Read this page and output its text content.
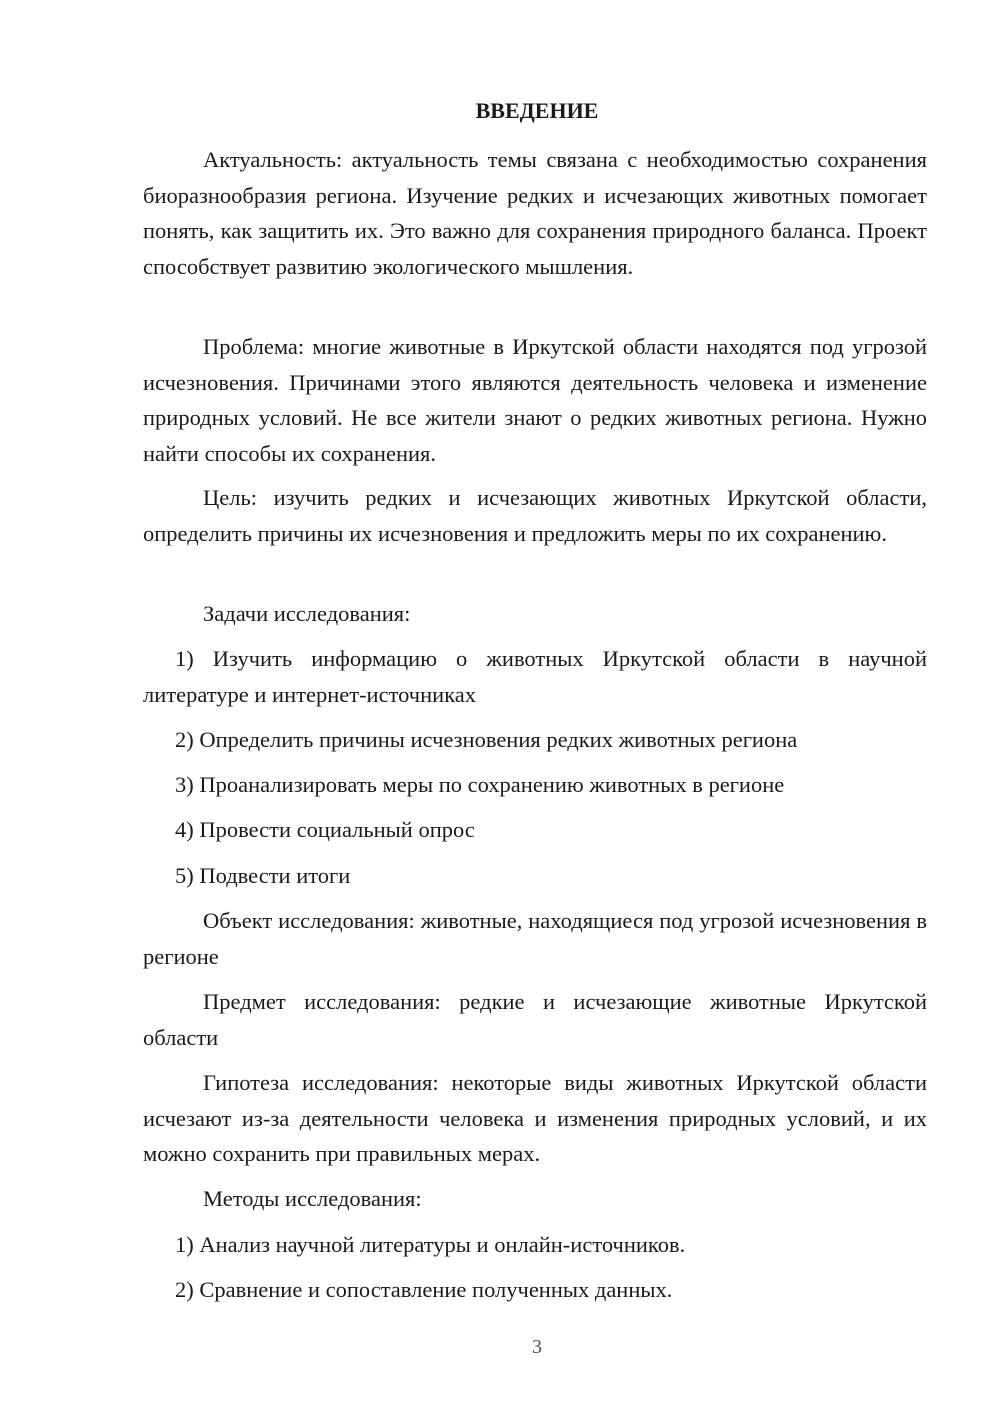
ВВЕДЕНИЕ

Актуальность: актуальность темы связана с необходимостью сохранения биоразнообразия региона. Изучение редких и исчезающих животных помогает понять, как защитить их. Это важно для сохранения природного баланса. Проект способствует развитию экологического мышления.

Проблема: многие животные в Иркутской области находятся под угрозой исчезновения. Причинами этого являются деятельность человека и изменение природных условий. Не все жители знают о редких животных региона. Нужно найти способы их сохранения.

Цель: изучить редких и исчезающих животных Иркутской области, определить причины их исчезновения и предложить меры по их сохранению.

Задачи исследования:

1) Изучить информацию о животных Иркутской области в научной литературе и интернет-источниках

2) Определить причины исчезновения редких животных региона

3) Проанализировать меры по сохранению животных в регионе

4) Провести социальный опрос

5) Подвести итоги

Объект исследования: животные, находящиеся под угрозой исчезновения в регионе

Предмет исследования: редкие и исчезающие животные Иркутской области

Гипотеза исследования: некоторые виды животных Иркутской области исчезают из-за деятельности человека и изменения природных условий, и их можно сохранить при правильных мерах.

Методы исследования:

1) Анализ научной литературы и онлайн-источников.

2) Сравнение и сопоставление полученных данных.

3
